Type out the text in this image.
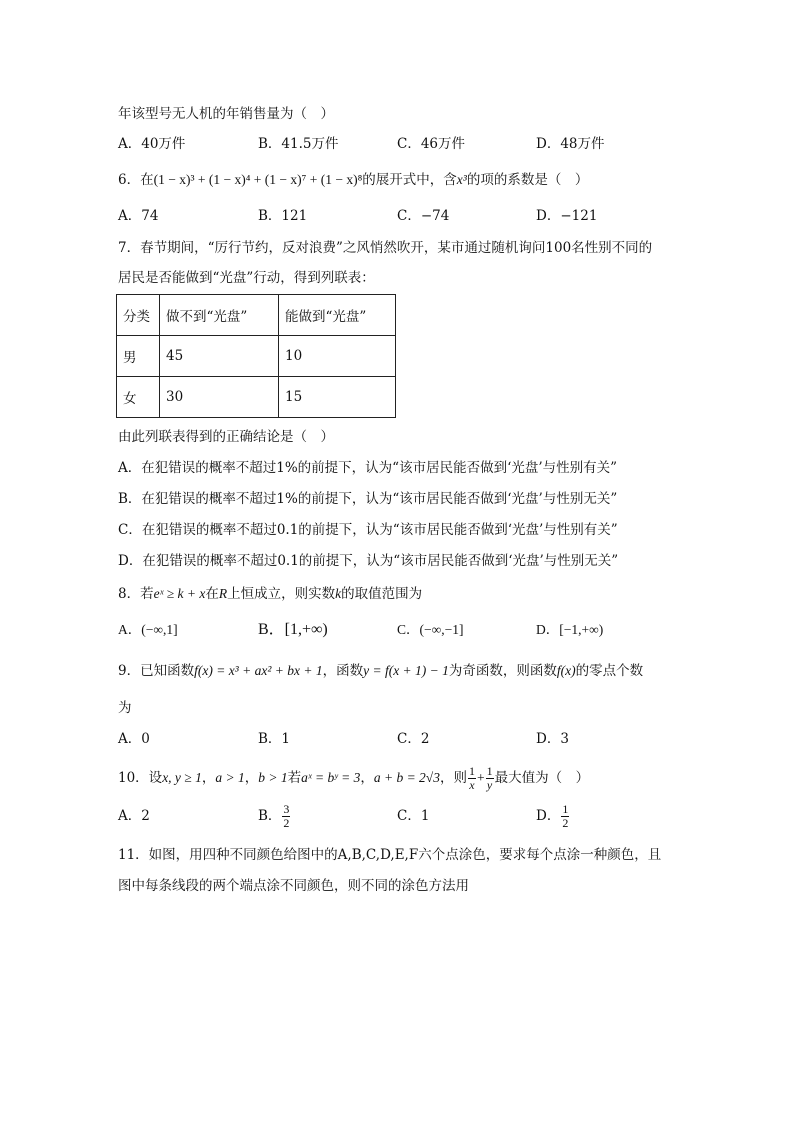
年该型号无人机的年销售量为（　）
A．40万件	B．41.5万件	C．46万件	D．48万件
6．在(1 − x)³ + (1 − x)⁴ + (1 − x)⁷ + (1 − x)⁸的展开式中，含x³的项的系数是（　）
A．74	B．121	C．−74	D．−121
7．春节期间，“厉行节约，反对浪费”之风悄然吹开，某市通过随机询问100名性别不同的
居民是否能做到“光盘”行动，得到列联表：
分类	做不到“光盘”	能做到“光盘”
男	45	10
女	30	15
由此列联表得到的正确结论是（　）
A．在犯错误的概率不超过1%的前提下，认为“该市居民能否做到‘光盘’与性别有关”
B．在犯错误的概率不超过1%的前提下，认为“该市居民能否做到‘光盘’与性别无关”
C．在犯错误的概率不超过0.1的前提下，认为“该市居民能否做到‘光盘’与性别有关”
D．在犯错误的概率不超过0.1的前提下，认为“该市居民能否做到‘光盘’与性别无关”
8．若eˣ ≥ k + x在R上恒成立，则实数k的取值范围为
A．(−∞,1]	B．[1,+∞)	C．(−∞,−1]	D．[−1,+∞)
9．已知函数f(x) = x³ + ax² + bx + 1，函数y = f(x + 1) − 1为奇函数，则函数f(x)的零点个数
为
A．0	B．1	C．2	D．3
10．设x, y ≥ 1，a > 1，b > 1若aˣ = bʸ = 3，a + b = 2√3，则 $\frac{1}{x} + \frac{1}{y}$ 最大值为（　）
A．2	B． $\frac{3}{2}$	C．1	D． $\frac{1}{2}$
11．如图，用四种不同颜色给图中的A,B,C,D,E,F六个点涂色，要求每个点涂一种颜色，且
图中每条线段的两个端点涂不同颜色，则不同的涂色方法用
